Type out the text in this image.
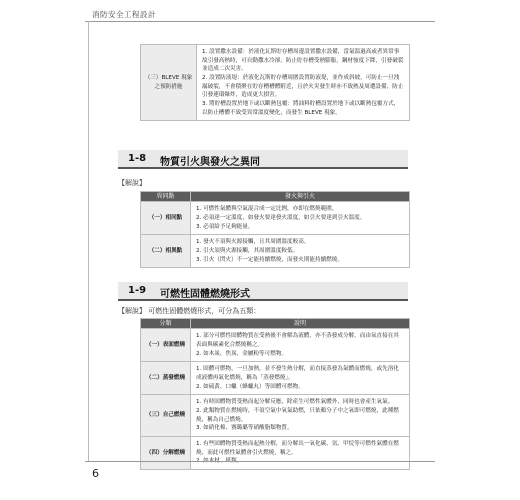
消防安全工程設計
（三）BLEVE 現象之預防措施	
1. 設置撒水設備：於液化瓦斯貯存槽周邊設置撒水設備，當氣溫過高或者異常事故引發高熱時，可自動撒水冷卻，防止貯存槽受熱膨脹，鋼材強度下降，引發破裂並造成二次災害。
2. 設置防液堤：於液化瓦斯貯存槽周圍設置防液堤，並作成斜坡，可防止一旦洩漏破裂，不會積聚在貯存槽槽體附近，且於火災發生時亦不致熱及周遭設備，防止引發連環爆炸，造成更大損害。
3. 將貯槽設置於地下或以斷熱包覆：將油料貯槽設置於地下或以斷熱包覆方式，以防止槽體不致受異常溫度變化，而發生 BLEVE 現象。
1-8 物質引火與發火之異同
【解說】
異同點	發火與引火
（一）相同點	1. 可燃性氣體與空氣混合成一定比例，亦即在燃燒範圍。
2. 必須達一定溫度，如發火要達發火溫度，如引火要達到引火溫度。
3. 必須給予足夠能量。

（二）相異點	1. 發火不須與火源接觸，且其周圍溫度較高。
2. 引火須與火源接觸，其周圍溫度較低。
3. 引火（閃火）不一定能持續燃燒，而發火則能持續燃燒。
1-9 可燃性固體燃燒形式
【解說】 可燃性固體燃燒形式，可分為五類：
分類	說明
（一）表面燃燒	1. 部分可燃性固體物質在受熱後不會解為液體，亦不蒸發成分解，而由氧直接在其表面與碳素化合燃燒稱之。
2. 如木炭、焦炭、金屬粉等可燃物。

（二）蒸發燃燒	1. 固體可燃物，一旦加熱，並不發生熱分解，而直接蒸發為氣體而燃燒，或先溶化成液體再氣化燃燒，稱為「蒸發燃燒」。
2. 如硫黃、口蠟（蜂蠟丸）等固體可燃物。

（三）自己燃燒	1. 有時固體物質受熱而起分解反應，除產生可燃性氣體外，同時也會產生氧氣。
2. 此類物質在燃燒時，不須空氣中氧氣助燃，只依賴分子中之氧即可燃燒，此種燃燒，稱為自己燃燒。
3. 如硝化棉、賽璐璐等硝酸脂類物質。

（四）分解燃燒	1. 有些固體物質受熱而起熱分解，而分解出一氧化碳、氫、甲烷等可燃性氣體在燃燒，而此可燃性氣體會引火燃燒，稱之。
6
